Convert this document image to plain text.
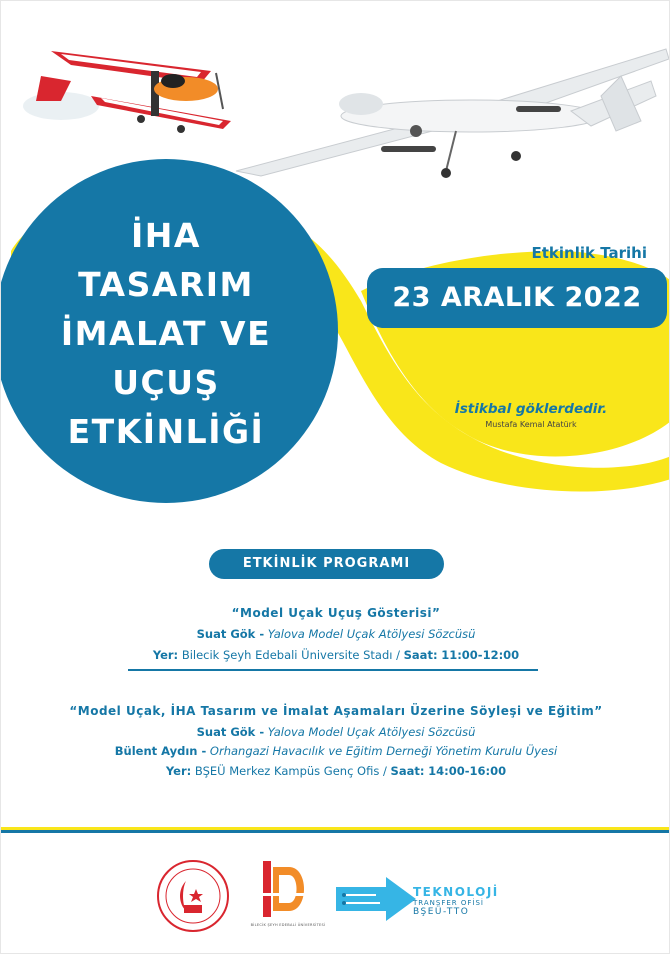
İHA
TASARIM
İMALAT VE
UÇUŞ
ETKİNLİĞİ
Etkinlik Tarihi
23 ARALIK 2022
İstikbal göklerdedir.
Mustafa Kemal Atatürk
ETKİNLİK PROGRAMI
“Model Uçak Uçuş Gösterisi”
Suat Gök - Yalova Model Uçak Atölyesi Sözcüsü
Yer: Bilecik Şeyh Edebali Üniversite Stadı / Saat: 11:00-12:00
“Model Uçak, İHA Tasarım ve İmalat Aşamaları Üzerine Söyleşi ve Eğitim”
Suat Gök - Yalova Model Uçak Atölyesi Sözcüsü
Bülent Aydın - Orhangazi Havacılık ve Eğitim Derneği Yönetim Kurulu Üyesi
Yer: BŞEÜ Merkez Kampüs Genç Ofis / Saat: 14:00-16:00
BİLECİK ŞEYH EDEBALİ ÜNİVERSİTESİ
TEKNOLOJİ
TRANSFER OFİSİ
BŞEÜ-TTO
